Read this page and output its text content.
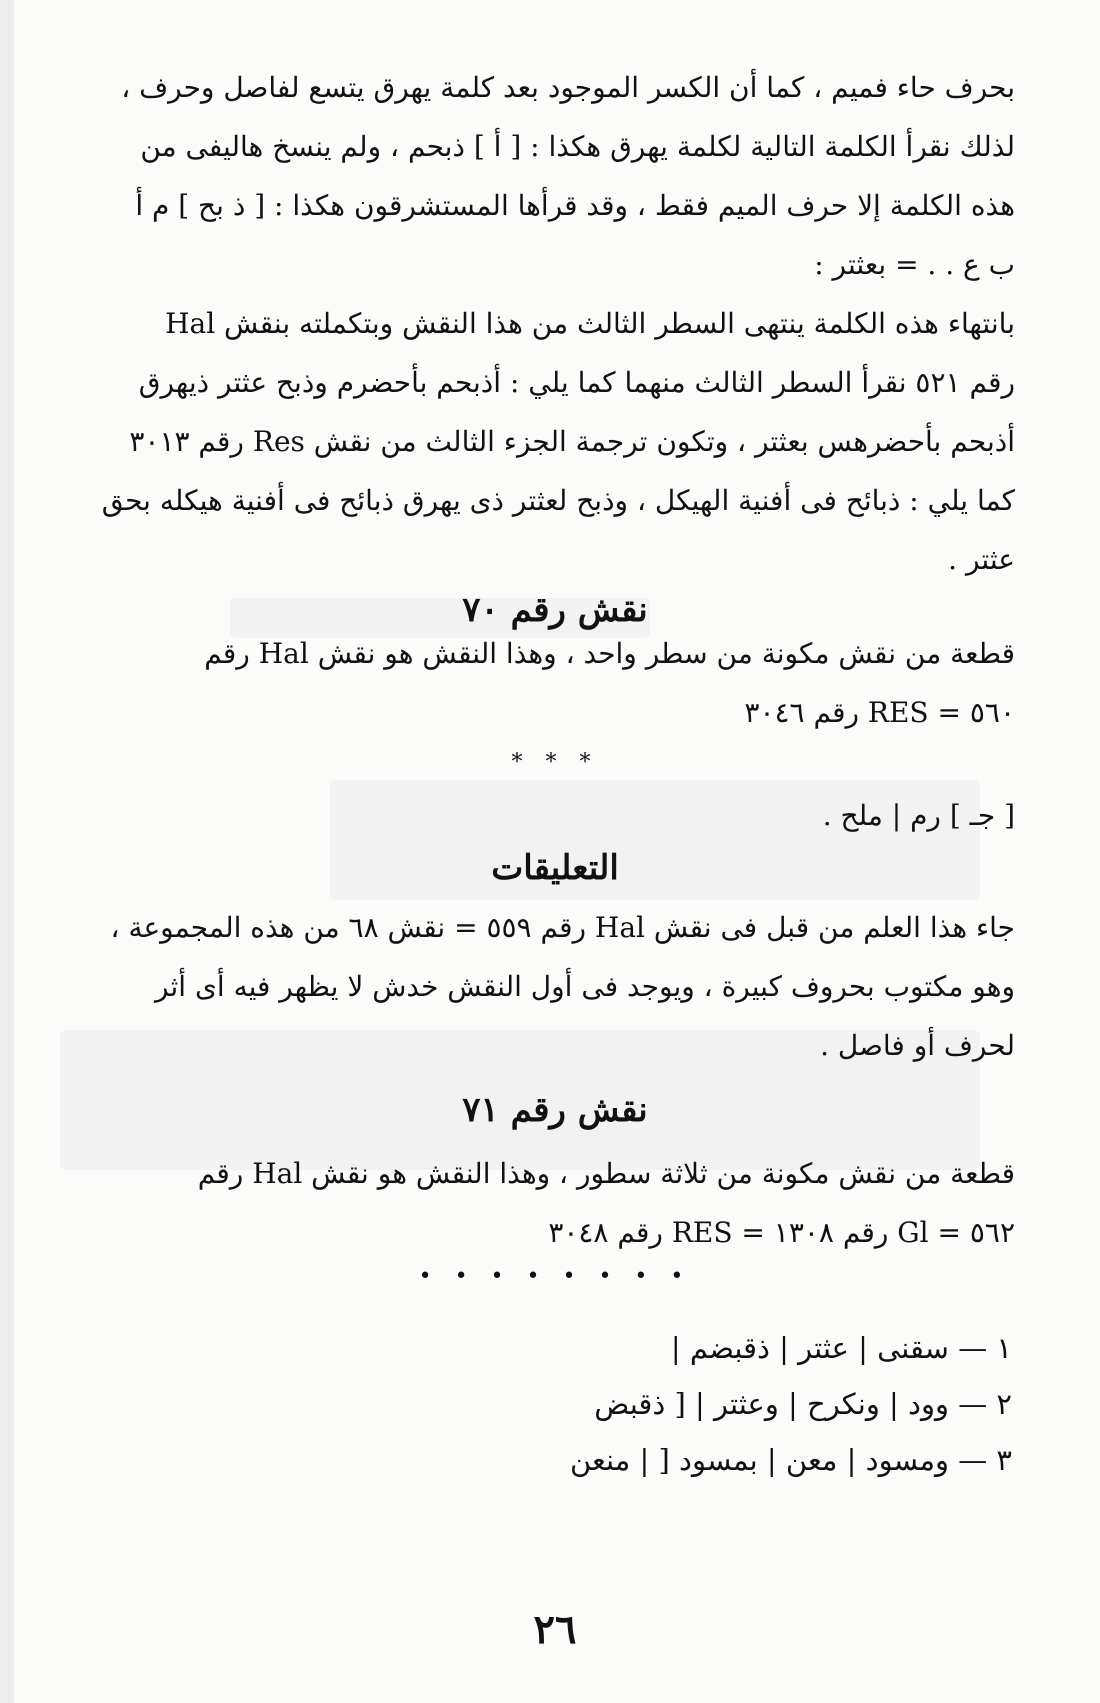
بحرف حاء فميم ، كما أن الكسر الموجود بعد كلمة يهرق يتسع لفاصل وحرف ،
لذلك نقرأ الكلمة التالية لكلمة يهرق هكذا : [ أ ] ذبحم ، ولم ينسخ هاليفى من
هذه الكلمة إلا حرف الميم فقط ، وقد قرأها المستشرقون هكذا : [ ذ بح ] م أ
ب ع . . = بعثتر :
بانتهاء هذه الكلمة ينتهى السطر الثالث من هذا النقش وبتكملته بنقش Hal
رقم ٥٢١ نقرأ السطر الثالث منهما كما يلي : أذبحم بأحضرم وذبح عثتر ذيهرق
أذبحم بأحضرهس بعثتر ، وتكون ترجمة الجزء الثالث من نقش Res رقم ٣٠١٣
كما يلي : ذبائح فى أفنية الهيكل ، وذبح لعثتر ذى يهرق ذبائح فى أفنية هيكله بحق
عثتر .
نقش رقم ٧٠
قطعة من نقش مكونة من سطر واحد ، وهذا النقش هو نقش Hal رقم
٥٦٠ = RES رقم ٣٠٤٦
* * *
[ جـ ] رم | ملح .
التعليقات
جاء هذا العلم من قبل فى نقش Hal رقم ٥٥٩ = نقش ٦٨ من هذه المجموعة ،
وهو مكتوب بحروف كبيرة ، ويوجد فى أول النقش خدش لا يظهر فيه أى أثر
لحرف أو فاصل .
نقش رقم ٧١
قطعة من نقش مكونة من ثلاثة سطور ، وهذا النقش هو نقش Hal رقم
٥٦٢ = Gl رقم ١٣٠٨ = RES رقم ٣٠٤٨
• • • • • • • •
١ — سقنى | عثتر | ذقبضم |
٢ — وود | ونكرح | وعثتر | [ ذقبض
٣ — ومسود | معن | بمسود [ | منعن
٢٦
